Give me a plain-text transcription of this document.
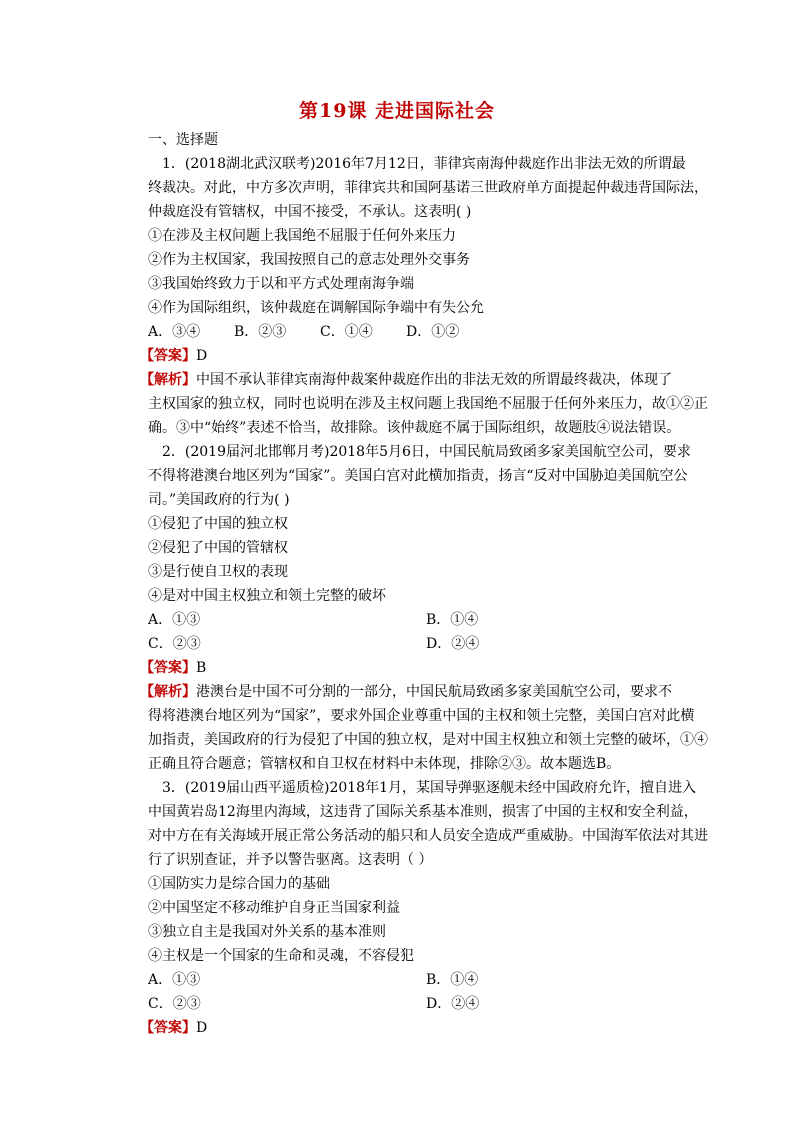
第19课 走进国际社会
一、选择题
1．(2018湖北武汉联考)2016年7月12日，菲律宾南海仲裁庭作出非法无效的所谓最
终裁决。对此，中方多次声明，菲律宾共和国阿基诺三世政府单方面提起仲裁违背国际法，
仲裁庭没有管辖权，中国不接受，不承认。这表明( )
①在涉及主权问题上我国绝不屈服于任何外来压力
②作为主权国家，我国按照自己的意志处理外交事务
③我国始终致力于以和平方式处理南海争端
④作为国际组织，该仲裁庭在调解国际争端中有失公允
A．③④ B．②③ C．①④ D．①②
【答案】D
【解析】中国不承认菲律宾南海仲裁案仲裁庭作出的非法无效的所谓最终裁决，体现了
主权国家的独立权，同时也说明在涉及主权问题上我国绝不屈服于任何外来压力，故①②正
确。③中“始终”表述不恰当，故排除。该仲裁庭不属于国际组织，故题肢④说法错误。
2．(2019届河北邯郸月考)2018年5月6日，中国民航局致函多家美国航空公司，要求
不得将港澳台地区列为“国家”。美国白宫对此横加指责，扬言“反对中国胁迫美国航空公
司。”美国政府的行为( )
①侵犯了中国的独立权
②侵犯了中国的管辖权
③是行使自卫权的表现
④是对中国主权独立和领土完整的破坏
A．①③	B．①④
C．②③	D．②④
【答案】B
【解析】港澳台是中国不可分割的一部分，中国民航局致函多家美国航空公司，要求不
得将港澳台地区列为“国家”，要求外国企业尊重中国的主权和领土完整，美国白宫对此横
加指责，美国政府的行为侵犯了中国的独立权，是对中国主权独立和领土完整的破坏，①④
正确且符合题意；管辖权和自卫权在材料中未体现，排除②③。故本题选B。
3．(2019届山西平遥质检)2018年1月，某国导弹驱逐舰未经中国政府允许，擅自进入
中国黄岩岛12海里内海域，这违背了国际关系基本准则，损害了中国的主权和安全利益，
对中方在有关海域开展正常公务活动的船只和人员安全造成严重威胁。中国海军依法对其进
行了识别查证，并予以警告驱离。这表明（ ）
①国防实力是综合国力的基础
②中国坚定不移动维护自身正当国家利益
③独立自主是我国对外关系的基本准则
④主权是一个国家的生命和灵魂，不容侵犯
A．①③	B．①④
C．②③	D．②④
【答案】D
